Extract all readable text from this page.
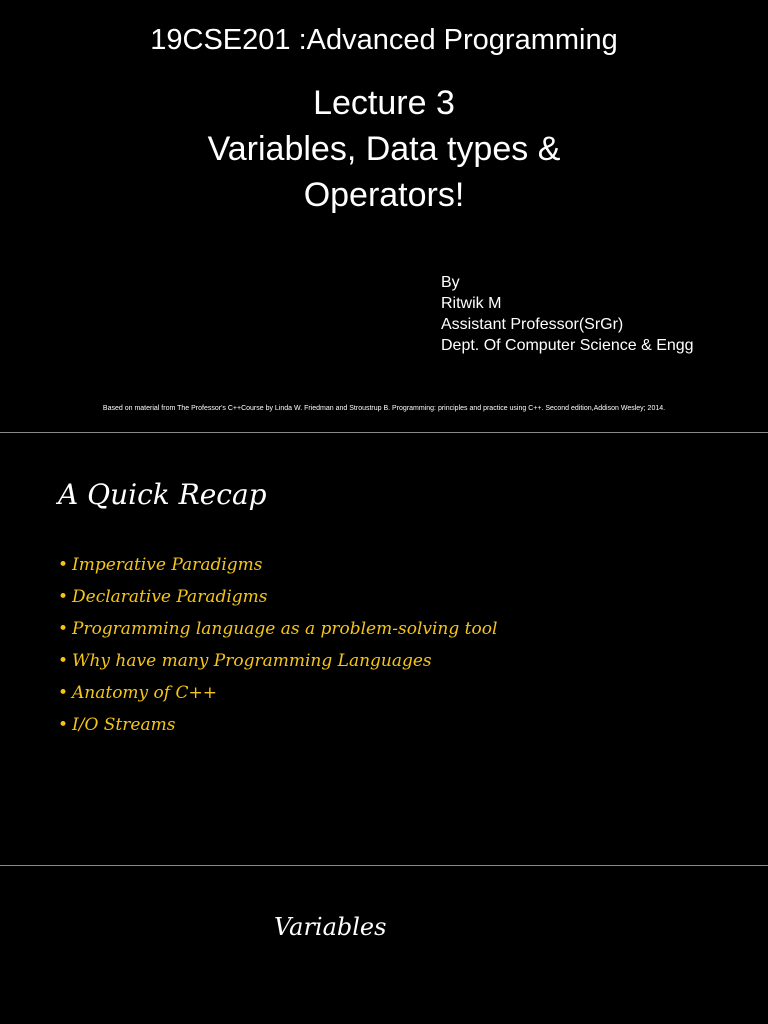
19CSE201 :Advanced Programming
Lecture 3
Variables, Data types &
Operators!
By
Ritwik M
Assistant Professor(SrGr)
Dept. Of Computer Science & Engg
Based on material from The Professor's C++Course by Linda W. Friedman and Stroustrup B. Programming: principles and practice using C++. Second edition,Addison Wesley; 2014.
A Quick Recap
• Imperative Paradigms
• Declarative Paradigms
• Programming language as a problem-solving tool
• Why have many Programming Languages
• Anatomy of C++
• I/O Streams
Variables
